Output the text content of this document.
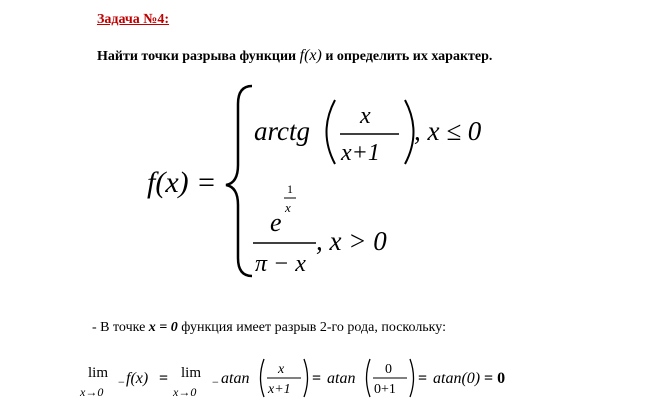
Задача №4:
Найти точки разрыва функции f(x) и определить их характер.
f(x) =
arctg x
x+1
, x ≤ 0
1
x
e
π − x
, x > 0
- В точке x = 0 функция имеет разрыв 2-го рода, поскольку:
lim
x→0
− f(x) = lim
x→0
− atan
x
x+1
= atan
0
0+1
= atan(0) = 0
